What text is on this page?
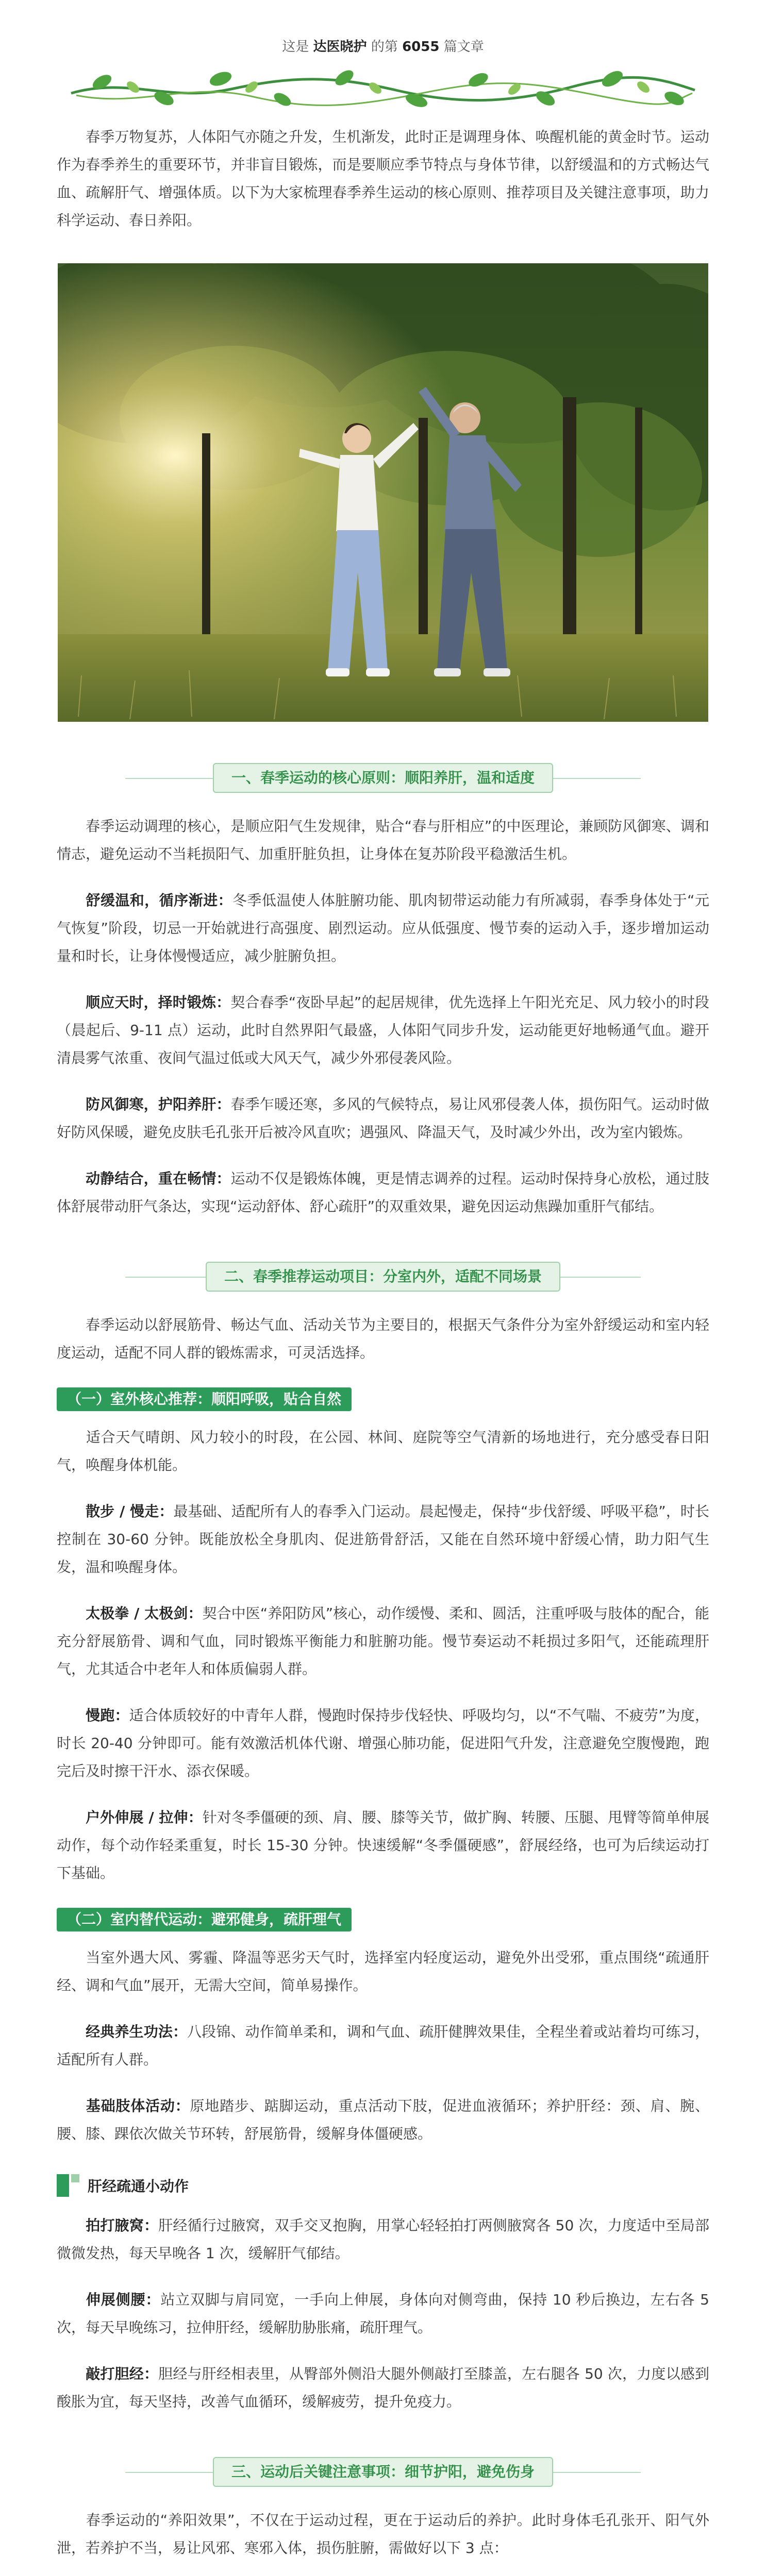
这是 达医晓护 的第 6055 篇文章
春季万物复苏，人体阳气亦随之升发，生机渐发，此时正是调理身体、唤醒机能的黄金时节。运动作为春季养生的重要环节，并非盲目锻炼，而是要顺应季节特点与身体节律，以舒缓温和的方式畅达气血、疏解肝气、增强体质。以下为大家梳理春季养生运动的核心原则、推荐项目及关键注意事项，助力科学运动、春日养阳。
一、春季运动的核心原则：顺阳养肝，温和适度

春季运动调理的核心，是顺应阳气生发规律，贴合“春与肝相应”的中医理论，兼顾防风御寒、调和情志，避免运动不当耗损阳气、加重肝脏负担，让身体在复苏阶段平稳激活生机。

舒缓温和，循序渐进：冬季低温使人体脏腑功能、肌肉韧带运动能力有所减弱，春季身体处于“元气恢复”阶段，切忌一开始就进行高强度、剧烈运动。应从低强度、慢节奏的运动入手，逐步增加运动量和时长，让身体慢慢适应，减少脏腑负担。

顺应天时，择时锻炼：契合春季“夜卧早起”的起居规律，优先选择上午阳光充足、风力较小的时段（晨起后、9-11 点）运动，此时自然界阳气最盛，人体阳气同步升发，运动能更好地畅通气血。避开清晨雾气浓重、夜间气温过低或大风天气，减少外邪侵袭风险。

防风御寒，护阳养肝：春季乍暖还寒，多风的气候特点，易让风邪侵袭人体，损伤阳气。运动时做好防风保暖，避免皮肤毛孔张开后被冷风直吹；遇强风、降温天气，及时减少外出，改为室内锻炼。

动静结合，重在畅情：运动不仅是锻炼体魄，更是情志调养的过程。运动时保持身心放松，通过肢体舒展带动肝气条达，实现“运动舒体、舒心疏肝”的双重效果，避免因运动焦躁加重肝气郁结。

二、春季推荐运动项目：分室内外，适配不同场景

春季运动以舒展筋骨、畅达气血、活动关节为主要目的，根据天气条件分为室外舒缓运动和室内轻度运动，适配不同人群的锻炼需求，可灵活选择。

（一）室外核心推荐：顺阳呼吸，贴合自然

适合天气晴朗、风力较小的时段，在公园、林间、庭院等空气清新的场地进行，充分感受春日阳气，唤醒身体机能。

散步 / 慢走：最基础、适配所有人的春季入门运动。晨起慢走，保持“步伐舒缓、呼吸平稳”，时长控制在 30-60 分钟。既能放松全身肌肉、促进筋骨舒活，又能在自然环境中舒缓心情，助力阳气生发，温和唤醒身体。

太极拳 / 太极剑：契合中医“养阳防风”核心，动作缓慢、柔和、圆活，注重呼吸与肢体的配合，能充分舒展筋骨、调和气血，同时锻炼平衡能力和脏腑功能。慢节奏运动不耗损过多阳气，还能疏理肝气，尤其适合中老年人和体质偏弱人群。

慢跑：适合体质较好的中青年人群，慢跑时保持步伐轻快、呼吸均匀，以“不气喘、不疲劳”为度，时长 20-40 分钟即可。能有效激活机体代谢、增强心肺功能，促进阳气升发，注意避免空腹慢跑，跑完后及时擦干汗水、添衣保暖。

户外伸展 / 拉伸：针对冬季僵硬的颈、肩、腰、膝等关节，做扩胸、转腰、压腿、甩臂等简单伸展动作，每个动作轻柔重复，时长 15-30 分钟。快速缓解“冬季僵硬感”，舒展经络，也可为后续运动打下基础。

（二）室内替代运动：避邪健身，疏肝理气

当室外遇大风、雾霾、降温等恶劣天气时，选择室内轻度运动，避免外出受邪，重点围绕“疏通肝经、调和气血”展开，无需大空间，简单易操作。

经典养生功法：八段锦、动作简单柔和，调和气血、疏肝健脾效果佳，全程坐着或站着均可练习，适配所有人群。

基础肢体活动：原地踏步、踮脚运动，重点活动下肢，促进血液循环；养护肝经：颈、肩、腕、腰、膝、踝依次做关节环转，舒展筋骨，缓解身体僵硬感。

肝经疏通小动作

拍打腋窝：肝经循行过腋窝，双手交叉抱胸，用掌心轻轻拍打两侧腋窝各 50 次，力度适中至局部微微发热，每天早晚各 1 次，缓解肝气郁结。

伸展侧腰：站立双脚与肩同宽，一手向上伸展，身体向对侧弯曲，保持 10 秒后换边，左右各 5 次，每天早晚练习，拉伸肝经，缓解肋胁胀痛，疏肝理气。

敲打胆经：胆经与肝经相表里，从臀部外侧沿大腿外侧敲打至膝盖，左右腿各 50 次，力度以感到酸胀为宜，每天坚持，改善气血循环，缓解疲劳，提升免疫力。

三、运动后关键注意事项：细节护阳，避免伤身

春季运动的“养阳效果”，不仅在于运动过程，更在于运动后的养护。此时身体毛孔张开、阳气外泄，若养护不当，易让风邪、寒邪入体，损伤脏腑，需做好以下 3 点：
